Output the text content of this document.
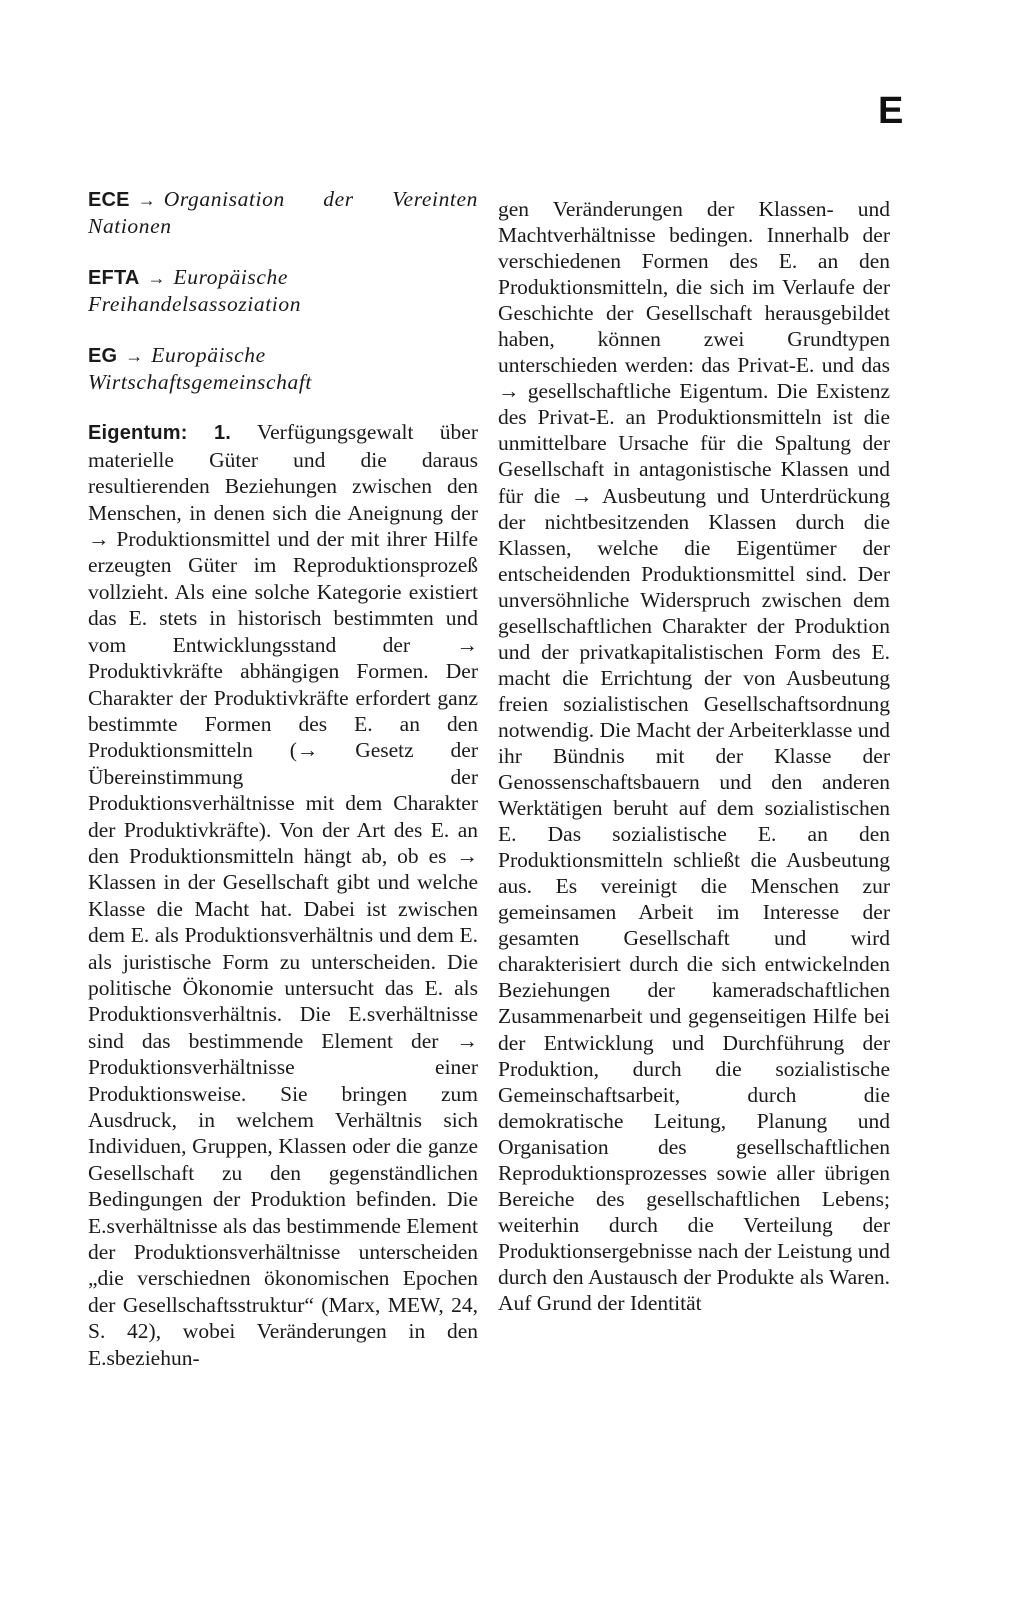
E

ECE → Organisation der Vereinten Nationen

EFTA → Europäische Freihandelsassoziation

EG → Europäische Wirtschaftsgemeinschaft

Eigentum: 1. Verfügungsgewalt über materielle Güter und die daraus resultierenden Beziehungen zwischen den Menschen, in denen sich die Aneignung der → Produktionsmittel und der mit ihrer Hilfe erzeugten Güter im Reproduktionsprozeß vollzieht. Als eine solche Kategorie existiert das E. stets in historisch bestimmten und vom Entwicklungsstand der → Produktivkräfte abhängigen Formen. Der Charakter der Produktivkräfte erfordert ganz bestimmte Formen des E. an den Produktionsmitteln (→ Gesetz der Übereinstimmung der Produktionsverhältnisse mit dem Charakter der Produktivkräfte). Von der Art des E. an den Produktionsmitteln hängt ab, ob es → Klassen in der Gesellschaft gibt und welche Klasse die Macht hat. Dabei ist zwischen dem E. als Produktionsverhältnis und dem E. als juristische Form zu unterscheiden. Die politische Ökonomie untersucht das E. als Produktionsverhältnis. Die E.sverhältnisse sind das bestimmende Element der → Produktionsverhältnisse einer Produktionsweise. Sie bringen zum Ausdruck, in welchem Verhältnis sich Individuen, Gruppen, Klassen oder die ganze Gesellschaft zu den gegenständlichen Bedingungen der Produktion befinden. Die E.sverhältnisse als das bestimmende Element der Produktionsverhältnisse unterscheiden „die verschiednen ökonomischen Epochen der Gesellschaftsstruktur“ (Marx, MEW, 24, S. 42), wobei Veränderungen in den E.sbeziehun-

gen Veränderungen der Klassen- und Machtverhältnisse bedingen. Innerhalb der verschiedenen Formen des E. an den Produktionsmitteln, die sich im Verlaufe der Geschichte der Gesellschaft herausgebildet haben, können zwei Grundtypen unterschieden werden: das Privat-E. und das → gesellschaftliche Eigentum. Die Existenz des Privat-E. an Produktionsmitteln ist die unmittelbare Ursache für die Spaltung der Gesellschaft in antagonistische Klassen und für die → Ausbeutung und Unterdrückung der nichtbesitzenden Klassen durch die Klassen, welche die Eigentümer der entscheidenden Produktionsmittel sind. Der unversöhnliche Widerspruch zwischen dem gesellschaftlichen Charakter der Produktion und der privatkapitalistischen Form des E. macht die Errichtung der von Ausbeutung freien sozialistischen Gesellschaftsordnung notwendig. Die Macht der Arbeiterklasse und ihr Bündnis mit der Klasse der Genossenschaftsbauern und den anderen Werktätigen beruht auf dem sozialistischen E. Das sozialistische E. an den Produktionsmitteln schließt die Ausbeutung aus. Es vereinigt die Menschen zur gemeinsamen Arbeit im Interesse der gesamten Gesellschaft und wird charakterisiert durch die sich entwickelnden Beziehungen der kameradschaftlichen Zusammenarbeit und gegenseitigen Hilfe bei der Entwicklung und Durchführung der Produktion, durch die sozialistische Gemeinschaftsarbeit, durch die demokratische Leitung, Planung und Organisation des gesellschaftlichen Reproduktionsprozesses sowie aller übrigen Bereiche des gesellschaftlichen Lebens; weiterhin durch die Verteilung der Produktionsergebnisse nach der Leistung und durch den Austausch der Produkte als Waren. Auf Grund der Identität
